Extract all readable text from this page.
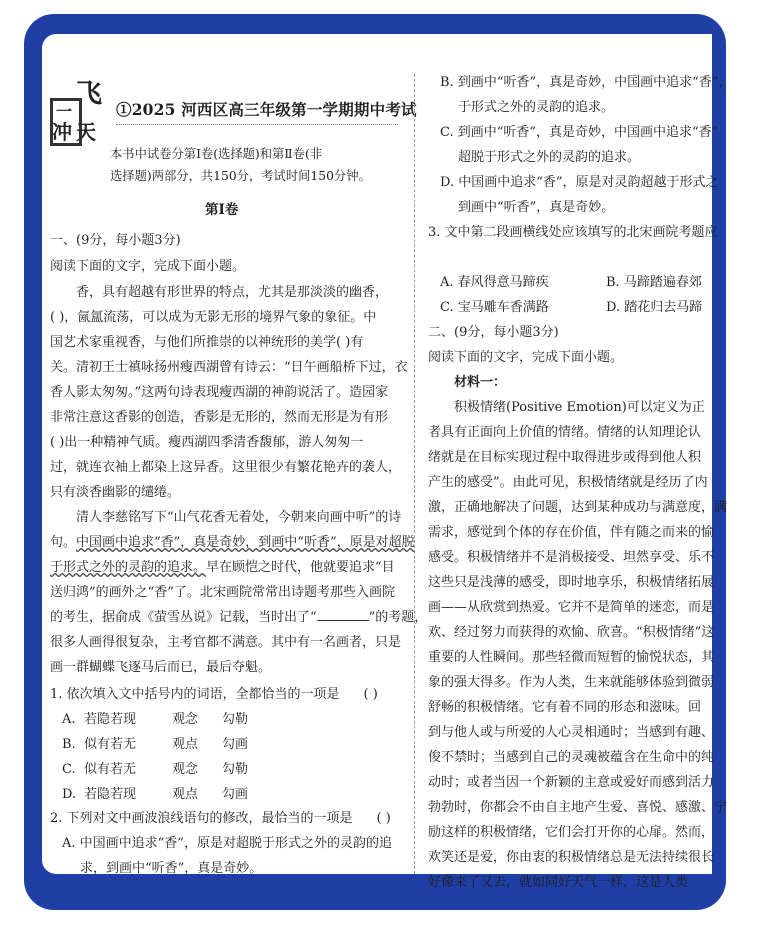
飞
一
冲 天
①2025 河西区高三年级第一学期期中考试
本书中试卷分第Ⅰ卷(选择题)和第Ⅱ卷(非
选择题)两部分，共150分，考试时间150分钟。
第Ⅰ卷
一、(9分，每小题3分)
阅读下面的文字，完成下面小题。
香，具有超越有形世界的特点，尤其是那淡淡的幽香，
( )，氤氲流荡，可以成为无影无形的境界气象的象征。中
国艺术家重视香，与他们所推崇的以神统形的美学( )有
关。清初王士禛咏扬州瘦西湖曾有诗云：“日午画船桥下过，衣
香人影太匆匆。”这两句诗表现瘦西湖的神韵说活了。造园家
非常注意这香影的创造，香影是无形的，然而无形是为有形
( )出一种精神气质。瘦西湖四季清香馥郁，游人匆匆一
过，就连衣袖上都染上这异香。这里很少有繁花艳卉的袭人，
只有淡香幽影的缱绻。
清人李慈铭写下“山气花香无着处，今朝来向画中听”的诗
句。中国画中追求“香”，真是奇妙，到画中“听香”，原是对超脱
于形式之外的灵韵的追求。早在顾恺之时代，他就要追求“目
送归鸿”的画外之“香”了。北宋画院常常出诗题考那些入画院
的考生，据俞成《萤雪丛说》记载，当时出了“	”的考题，
很多人画得很复杂，主考官都不满意。其中有一名画者，只是
画一群蝴蝶飞逐马后而已，最后夺魁。
1. 依次填入文中括号内的词语，全都恰当的一项是 ( )
A. 若隐若现	观念 勾勒
B. 似有若无	观点 勾画
C. 似有若无	观念 勾勒
D. 若隐若现	观点 勾画
2. 下列对文中画波浪线语句的修改，最恰当的一项是 ( )
A. 中国画中追求“香”，原是对超脱于形式之外的灵韵的追
求，到画中“听香”，真是奇妙。
B. 到画中“听香”，真是奇妙，中国画中追求“香”，
于形式之外的灵韵的追求。
C. 到画中“听香”，真是奇妙，中国画中追求“香”
超脱于形式之外的灵韵的追求。
D. 中国画中追求“香”，原是对灵韵超越于形式之
到画中“听香”，真是奇妙。
3. 文中第二段画横线处应该填写的北宋画院考题应
A. 春风得意马蹄疾	B. 马蹄踏遍春郊
C. 宝马雕车香满路	D. 踏花归去马蹄
二、(9分，每小题3分)
阅读下面的文字，完成下面小题。
材料一：
积极情绪(Positive Emotion)可以定义为正
者具有正面向上价值的情绪。情绪的认知理论认
绪就是在目标实现过程中取得进步或得到他人积
产生的感受”。由此可见，积极情绪就是经历了内
激，正确地解决了问题，达到某种成功与满意度，满
需求，感觉到个体的存在价值，伴有随之而来的愉
感受。积极情绪并不是消极接受、坦然享受、乐不
这些只是浅薄的感受，即时地享乐，积极情绪拓展
画——从欣赏到热爱。它并不是简单的迷恋，而是
欢、经过努力而获得的欢愉、欣喜。“积极情绪”这
重要的人性瞬间。那些轻微而短暂的愉悦状态，其
象的强大得多。作为人类，生来就能够体验到微弱
舒畅的积极情绪。它有着不同的形态和滋味。回
到与他人或与所爱的人心灵相通时；当感到有趣、
俊不禁时；当感到自己的灵魂被蕴含在生命中的纯
动时；或者当因一个新颖的主意或爱好而感到活力
勃勃时，你都会不由自主地产生爱、喜悦、感激、宁
励这样的积极情绪，它们会打开你的心扉。然而，
欢笑还是爱，你由衷的积极情绪总是无法持续很长
好像来了又去，就如同好天气一样，这是人类
